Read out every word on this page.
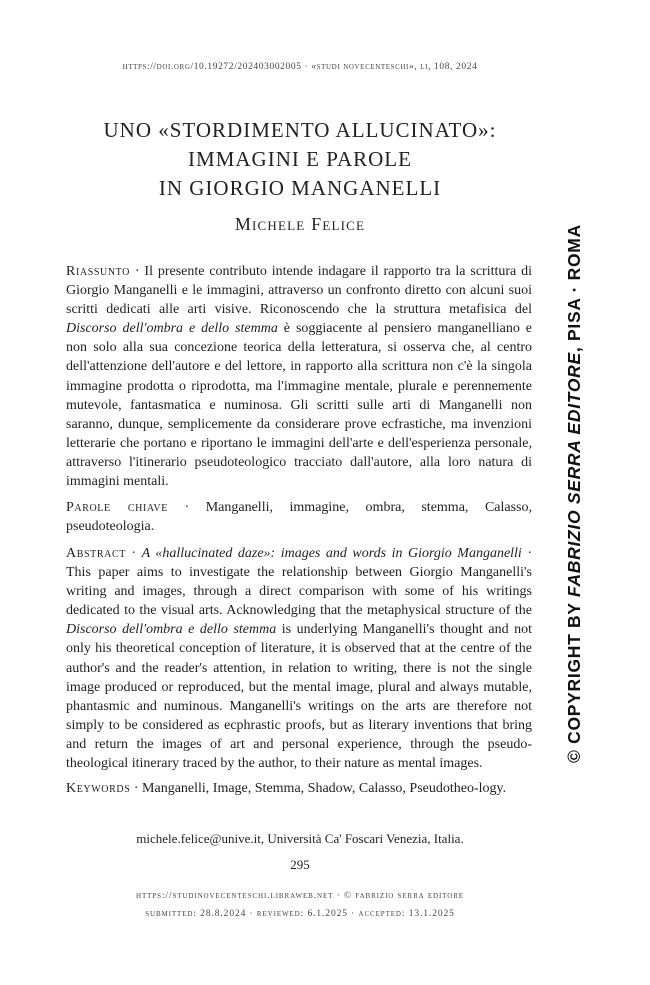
https://doi.org/10.19272/202403002005 · «studi novecenteschi», li, 108, 2024
UNO «STORDIMENTO ALLUCINATO»:
IMMAGINI E PAROLE
IN GIORGIO MANGANELLI
Michele Felice
Riassunto · Il presente contributo intende indagare il rapporto tra la scrittura di Giorgio Manganelli e le immagini, attraverso un confronto diretto con alcuni suoi scritti dedicati alle arti visive. Riconoscendo che la struttura metafisica del Discorso dell'ombra e dello stemma è soggiacente al pensiero manganelliano e non solo alla sua concezione teorica della letteratura, si osserva che, al centro dell'attenzione dell'autore e del lettore, in rapporto alla scrittura non c'è la singola immagine prodotta o riprodotta, ma l'immagine mentale, plurale e perennemente mutevole, fantasmatica e numinosa. Gli scritti sulle arti di Manganelli non saranno, dunque, semplicemente da considerare prove ecfrastiche, ma invenzioni letterarie che portano e riportano le immagini dell'arte e dell'esperienza personale, attraverso l'itinerario pseudoteologico tracciato dall'autore, alla loro natura di immagini mentali.
Parole chiave · Manganelli, immagine, ombra, stemma, Calasso, pseudoteologia.
Abstract · A «hallucinated daze»: images and words in Giorgio Manganelli · This paper aims to investigate the relationship between Giorgio Manganelli's writing and images, through a direct comparison with some of his writings dedicated to the visual arts. Acknowledging that the metaphysical structure of the Discorso dell'ombra e dello stemma is underlying Manganelli's thought and not only his theoretical conception of literature, it is observed that at the centre of the author's and the reader's attention, in relation to writing, there is not the single image produced or reproduced, but the mental image, plural and always mutable, phantasmic and numinous. Manganelli's writings on the arts are therefore not simply to be considered as ecphrastic proofs, but as literary inventions that bring and return the images of art and personal experience, through the pseudo-theological itinerary traced by the author, to their nature as mental images.
Keywords · Manganelli, Image, Stemma, Shadow, Calasso, Pseudotheo-logy.
michele.felice@unive.it, Università Ca' Foscari Venezia, Italia.
295
https://studinovecenteschi.libraweb.net · © fabrizio serra editore
submitted: 28.8.2024 · reviewed: 6.1.2025 · accepted: 13.1.2025
© COPYRIGHT BY FABRIZIO SERRA EDITORE, PISA · ROMA
